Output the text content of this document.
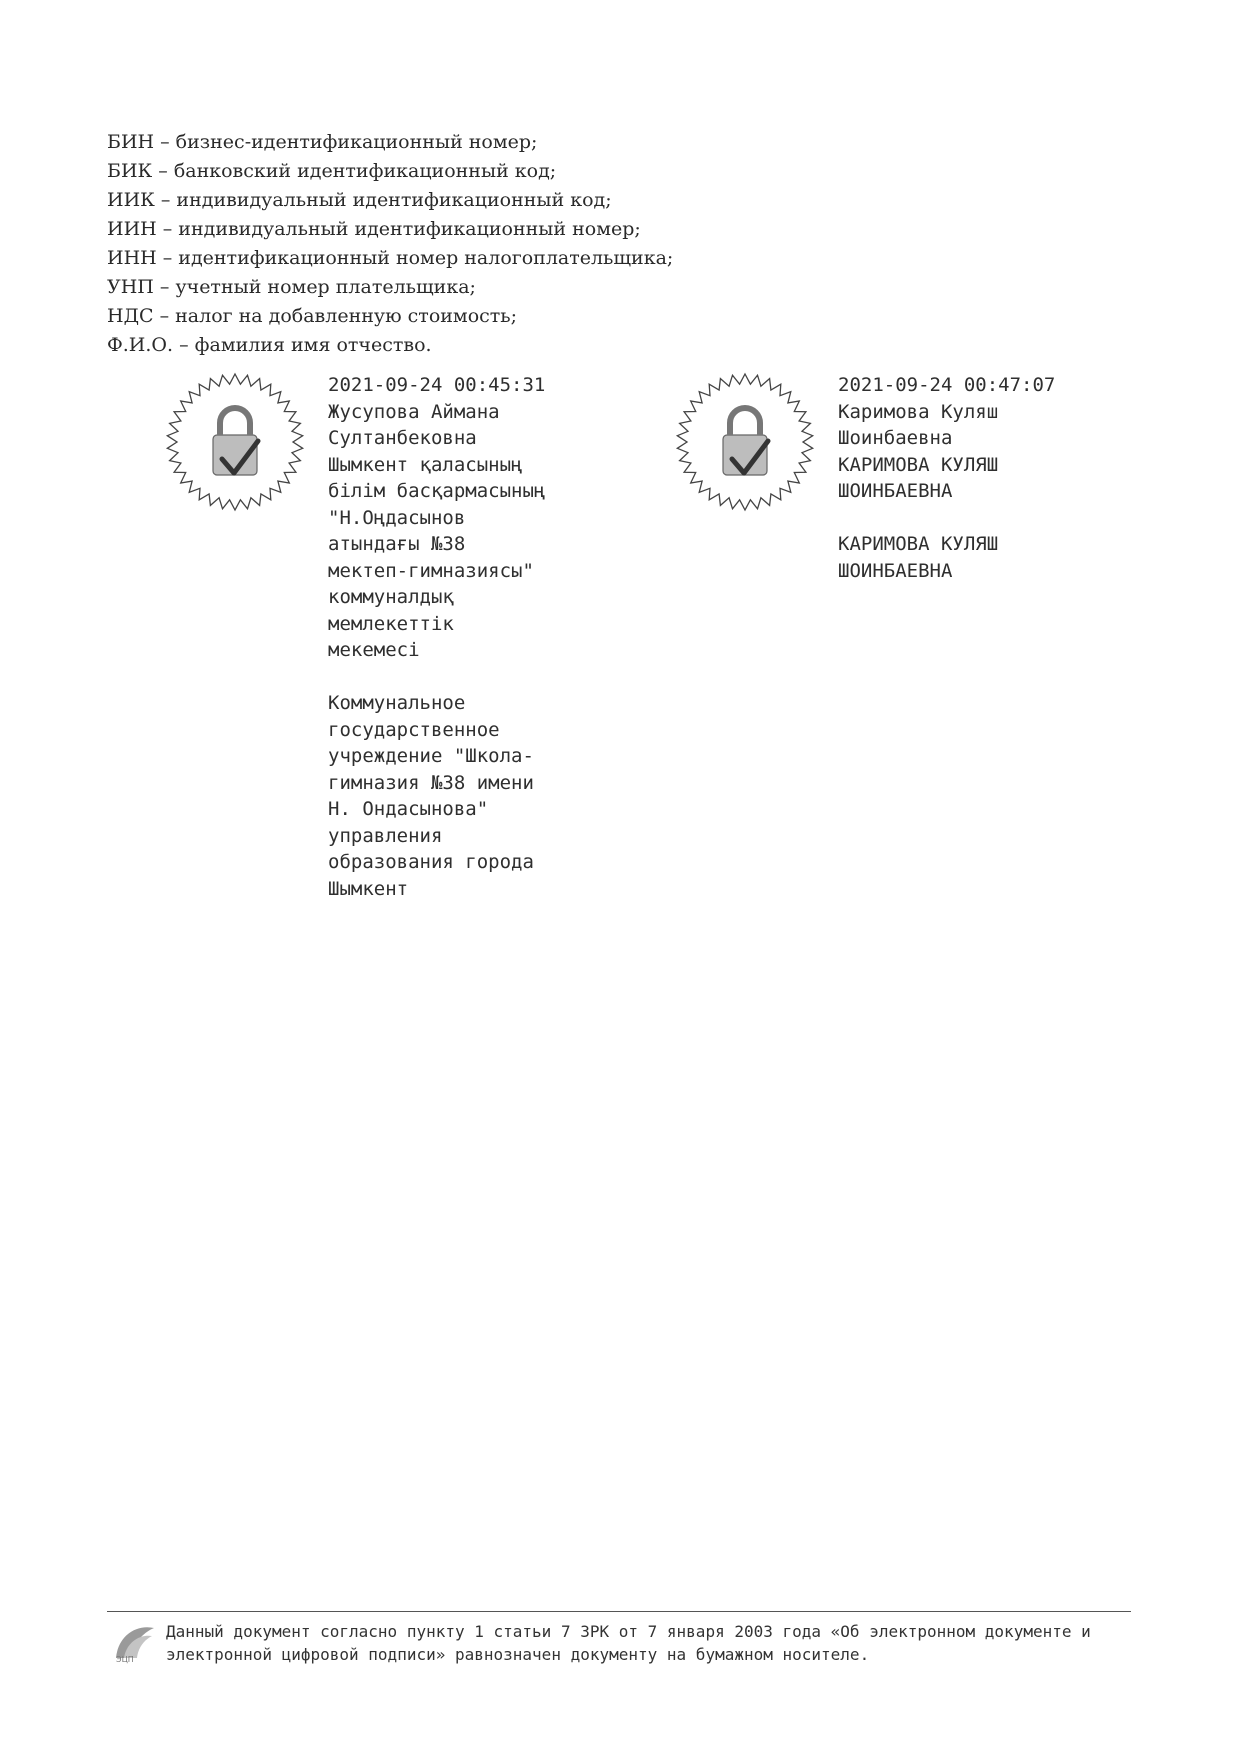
БИН – бизнес-идентификационный номер;
БИК – банковский идентификационный код;
ИИК – индивидуальный идентификационный код;
ИИН – индивидуальный идентификационный номер;
ИНН – идентификационный номер налогоплательщика;
УНП – учетный номер плательщика;
НДС – налог на добавленную стоимость;
Ф.И.О. – фамилия имя отчество.
2021-09-24 00:45:31
Жусупова Аймана
Султанбековна
Шымкент қаласының
білім басқармасының
"Н.Оңдасынов
атындағы №38
мектеп-гимназиясы"
коммуналдық
мемлекеттік
мекемесі
Коммунальное
государственное
учреждение "Школа-
гимназия №38 имени
Н. Ондасынова"
управления
образования города
Шымкент
2021-09-24 00:47:07
Каримова Куляш
Шоинбаевна
КАРИМОВА КУЛЯШ
ШОИНБАЕВНА
КАРИМОВА КУЛЯШ
ШОИНБАЕВНА
ЭЦП
Данный документ согласно пункту 1 статьи 7 ЗРК от 7 января 2003 года «Об электронном документе и
электронной цифровой подписи» равнозначен документу на бумажном носителе.
